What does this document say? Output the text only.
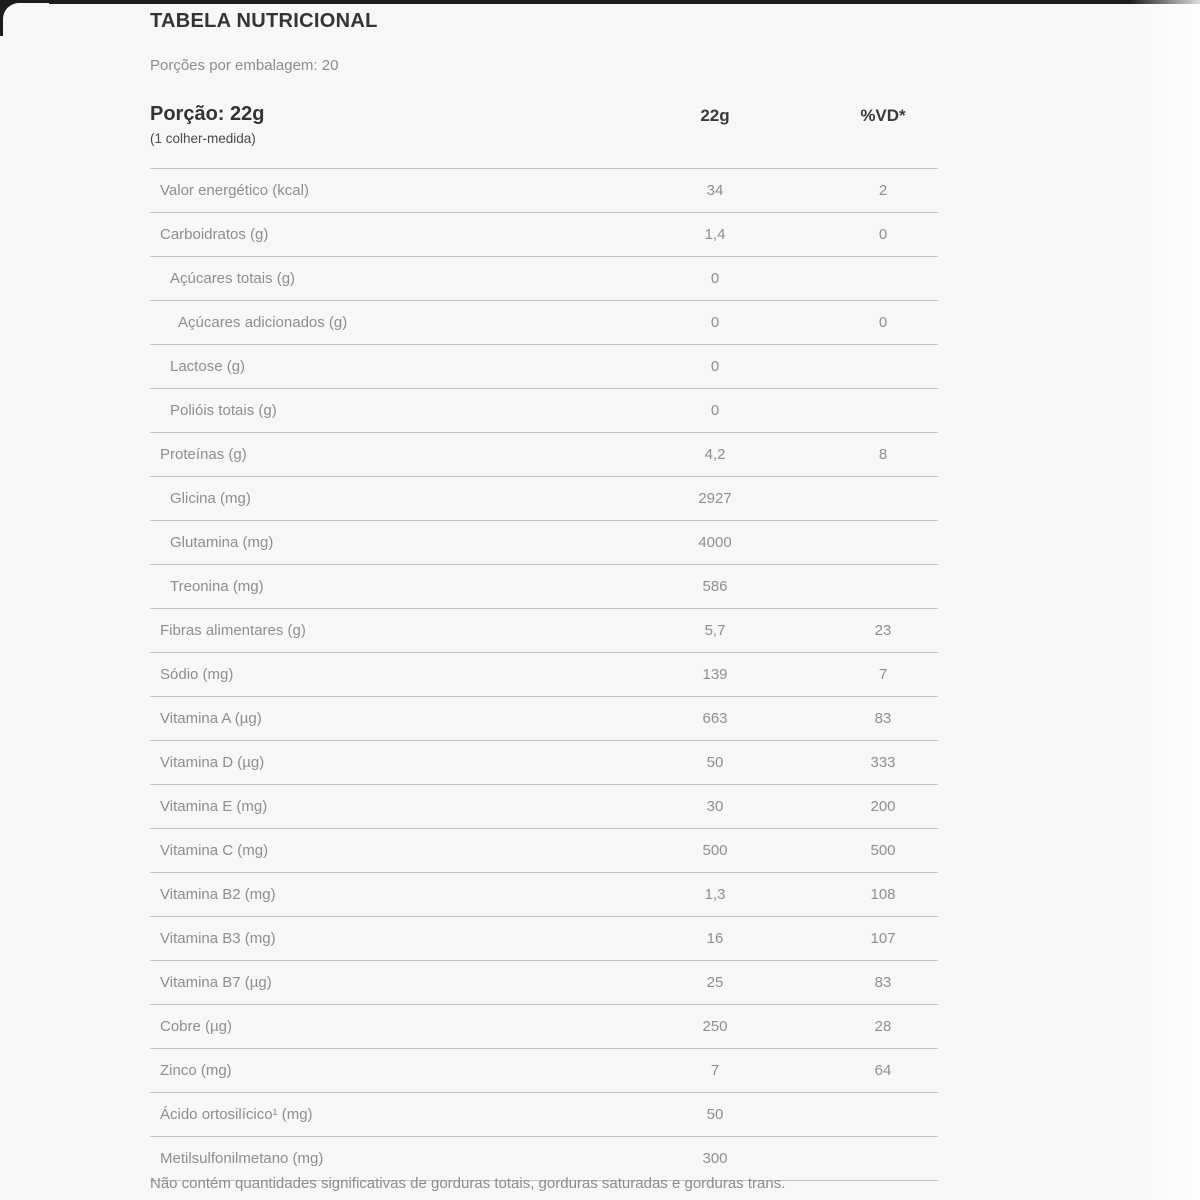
TABELA NUTRICIONAL
Porções por embalagem: 20
Porção: 22g
(1 colher-medida)
22g	%VD*
Valor energético (kcal)	34	2
Carboidratos (g)	1,4	0
Açúcares totais (g)	0
Açúcares adicionados (g)	0	0
Lactose (g)	0
Polióis totais (g)	0
Proteínas (g)	4,2	8
Glicina (mg)	2927
Glutamina (mg)	4000
Treonina (mg)	586
Fibras alimentares (g)	5,7	23
Sódio (mg)	139	7
Vitamina A (µg)	663	83
Vitamina D (µg)	50	333
Vitamina E (mg)	30	200
Vitamina C (mg)	500	500
Vitamina B2 (mg)	1,3	108
Vitamina B3 (mg)	16	107
Vitamina B7 (µg)	25	83
Cobre (µg)	250	28
Zinco (mg)	7	64
Ácido ortosilícico¹ (mg)	50
Metilsulfonilmetano (mg)	300
Não contém quantidades significativas de gorduras totais, gorduras saturadas e gorduras trans.
